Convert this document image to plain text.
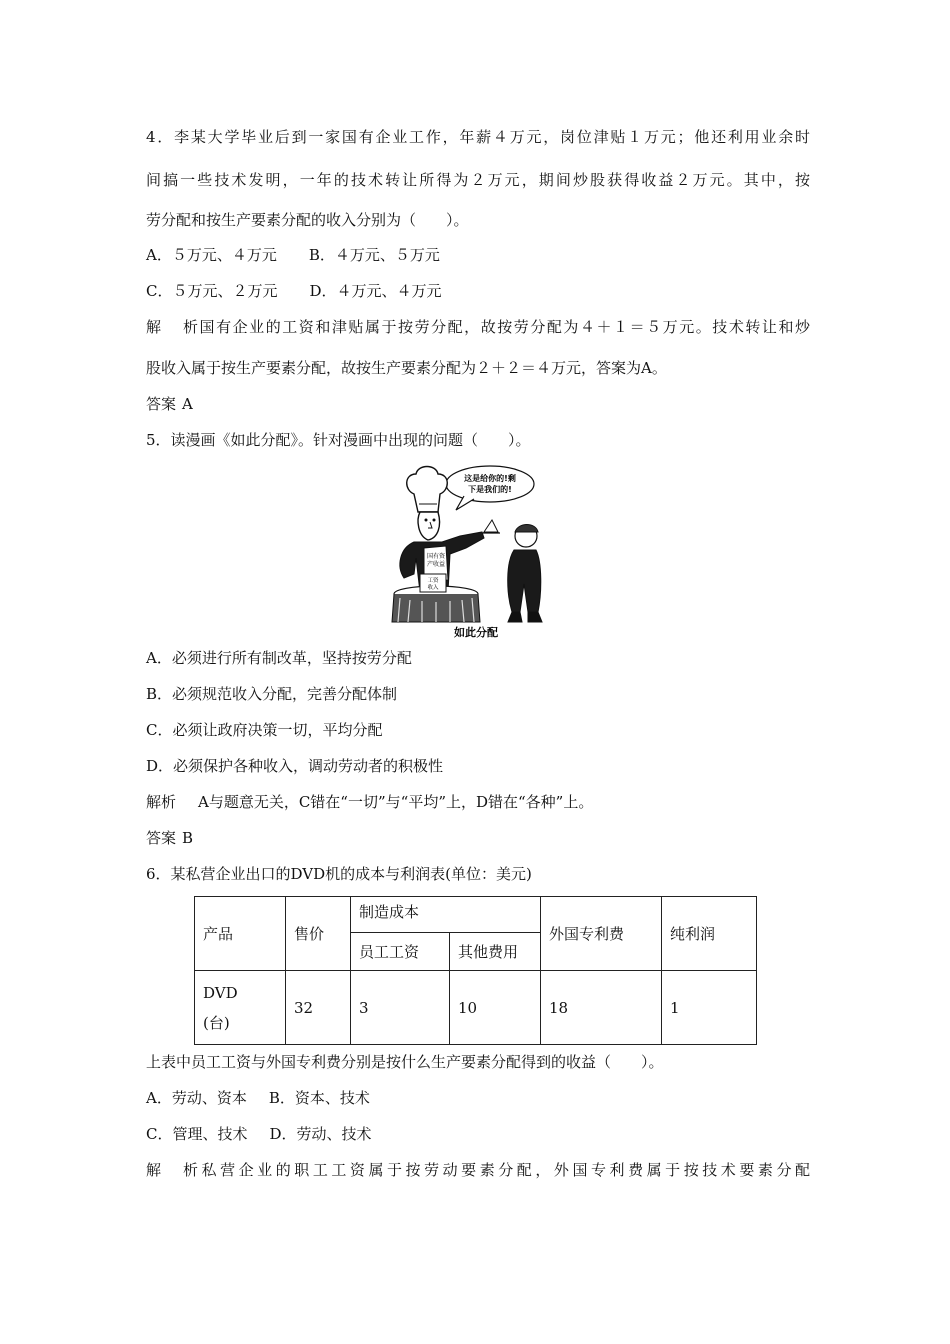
4．李某大学毕业后到一家国有企业工作，年薪４万元，岗位津贴１万元；他还利用业余时
间搞一些技术发明，一年的技术转让所得为２万元，期间炒股获得收益２万元。其中，按
劳分配和按生产要素分配的收入分别为（　　）。
A．５万元、４万元 B．４万元、５万元
C．５万元、２万元 D．４万元、４万元
解析国有企业的工资和津贴属于按劳分配，故按劳分配为４＋１＝５万元。技术转让和炒
股收入属于按生产要素分配，故按生产要素分配为２＋２＝４万元，答案为A。
答案 A
5．读漫画《如此分配》。针对漫画中出现的问题（　　）。
A．必须进行所有制改革，坚持按劳分配
B．必须规范收入分配，完善分配体制
C．必须让政府决策一切，平均分配
D．必须保护各种收入，调动劳动者的积极性
解析 A与题意无关，C错在“一切”与“平均”上，D错在“各种”上。
答案 B
6．某私营企业出口的DVD机的成本与利润表(单位：美元)
上表中员工工资与外国专利费分别是按什么生产要素分配得到的收益（　　）。
A．劳动、资本 B．资本、技术
C．管理、技术 D．劳动、技术
解析私营企业的职工工资属于按劳动要素分配，外国专利费属于按技术要素分配
这是给你的!剩
下是我们的!
国有资
产收益
工资
收入
如此分配
产品	售价	制造成本		外国专利费	纯利润
		员工工资	其他费用		

DVD
(台)	32	3	10	18	1
